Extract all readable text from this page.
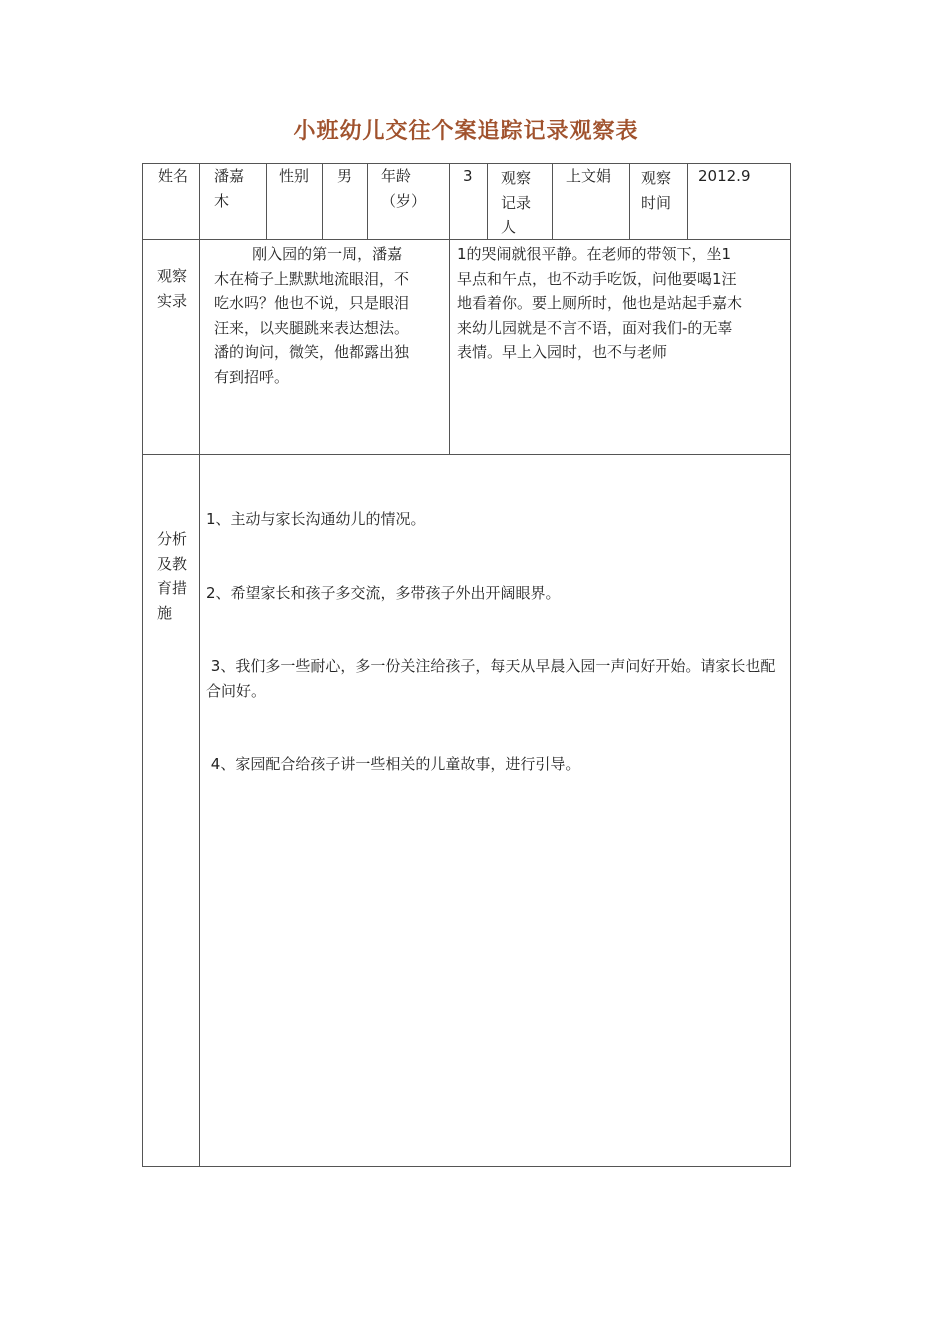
小班幼儿交往个案追踪记录观察表
姓名 潘嘉
木
性别 男 年龄
（岁）
3 观察
记录
人
上文娟 观察
时间
2012.9
观察
实录
刚入园的第一周，潘嘉
木在椅子上默默地流眼泪，不
吃水吗？他也不说，只是眼泪
汪来，以夹腿跳来表达想法。
潘的询问，微笑，他都露出独
有到招呼。
1的哭闹就很平静。在老师的带领下，坐1
早点和午点，也不动手吃饭，问他要喝1汪
地看着你。要上厕所时，他也是站起手嘉木
来幼儿园就是不言不语，面对我们-的无辜
表情。早上入园时，也不与老师
分析
及教
育措
施

1、主动与家长沟通幼儿的情况。

2、希望家长和孩子多交流，多带孩子外出开阔眼界。

3、我们多一些耐心，多一份关注给孩子，每天从早晨入园一声问好开始。请家长也配合问好。

4、家园配合给孩子讲一些相关的儿童故事，进行引导。
